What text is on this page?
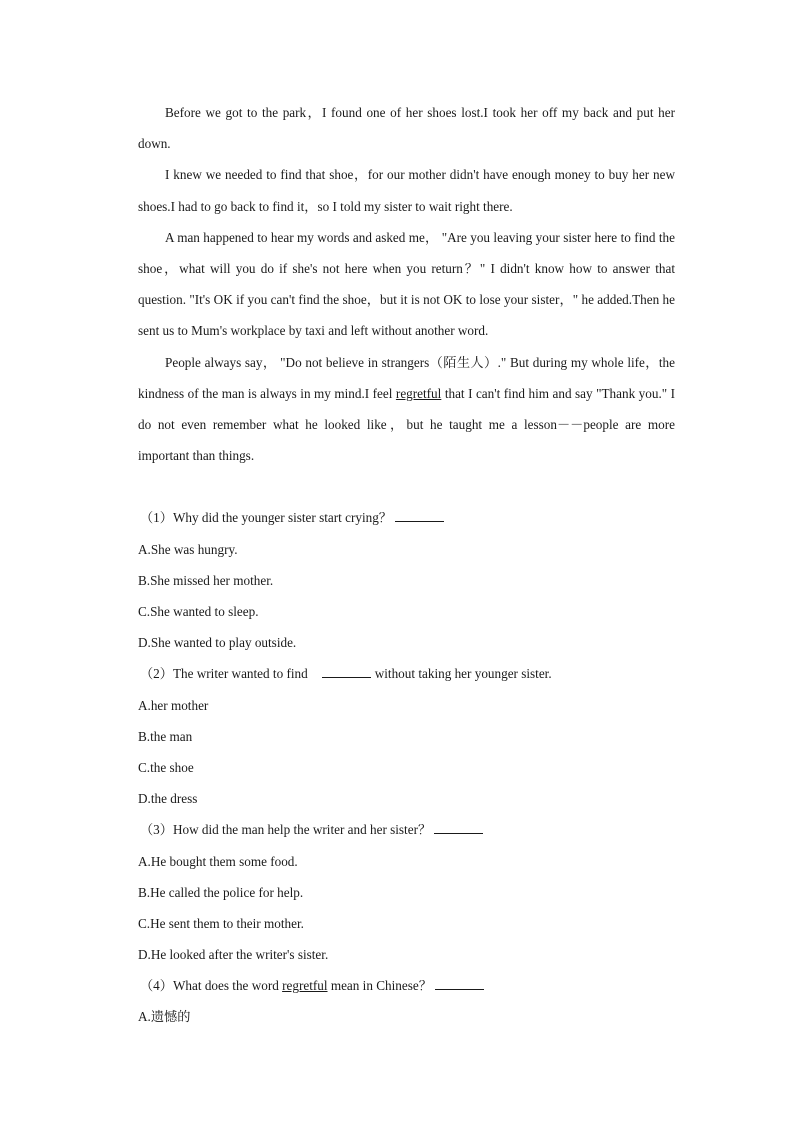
Before we got to the park，I found one of her shoes lost.I took her off my back and put her down.

I knew we needed to find that shoe，for our mother didn't have enough money to buy her new shoes.I had to go back to find it，so I told my sister to wait right there.

A man happened to hear my words and asked me， "Are you leaving your sister here to find the shoe，what will you do if she's not here when you return？" I didn't know how to answer that question. "It's OK if you can't find the shoe，but it is not OK to lose your sister，" he added.Then he sent us to Mum's workplace by taxi and left without another word.

People always say， "Do not believe in strangers（陌生人）." But during my whole life，the kindness of the man is always in my mind.I feel regretful that I can't find him and say "Thank you." I do not even remember what he looked like，but he taught me a lesson－－people are more important than things.

（1）Why did the younger sister start crying？

A.She was hungry.

B.She missed her mother.

C.She wanted to sleep.

D.She wanted to play outside.

（2）The writer wanted to find	without taking her younger sister.

A.her mother

B.the man

C.the shoe

D.the dress

（3）How did the man help the writer and her sister？

A.He bought them some food.

B.He called the police for help.

C.He sent them to their mother.

D.He looked after the writer's sister.

（4）What does the word regretful mean in Chinese？

A.遗憾的
